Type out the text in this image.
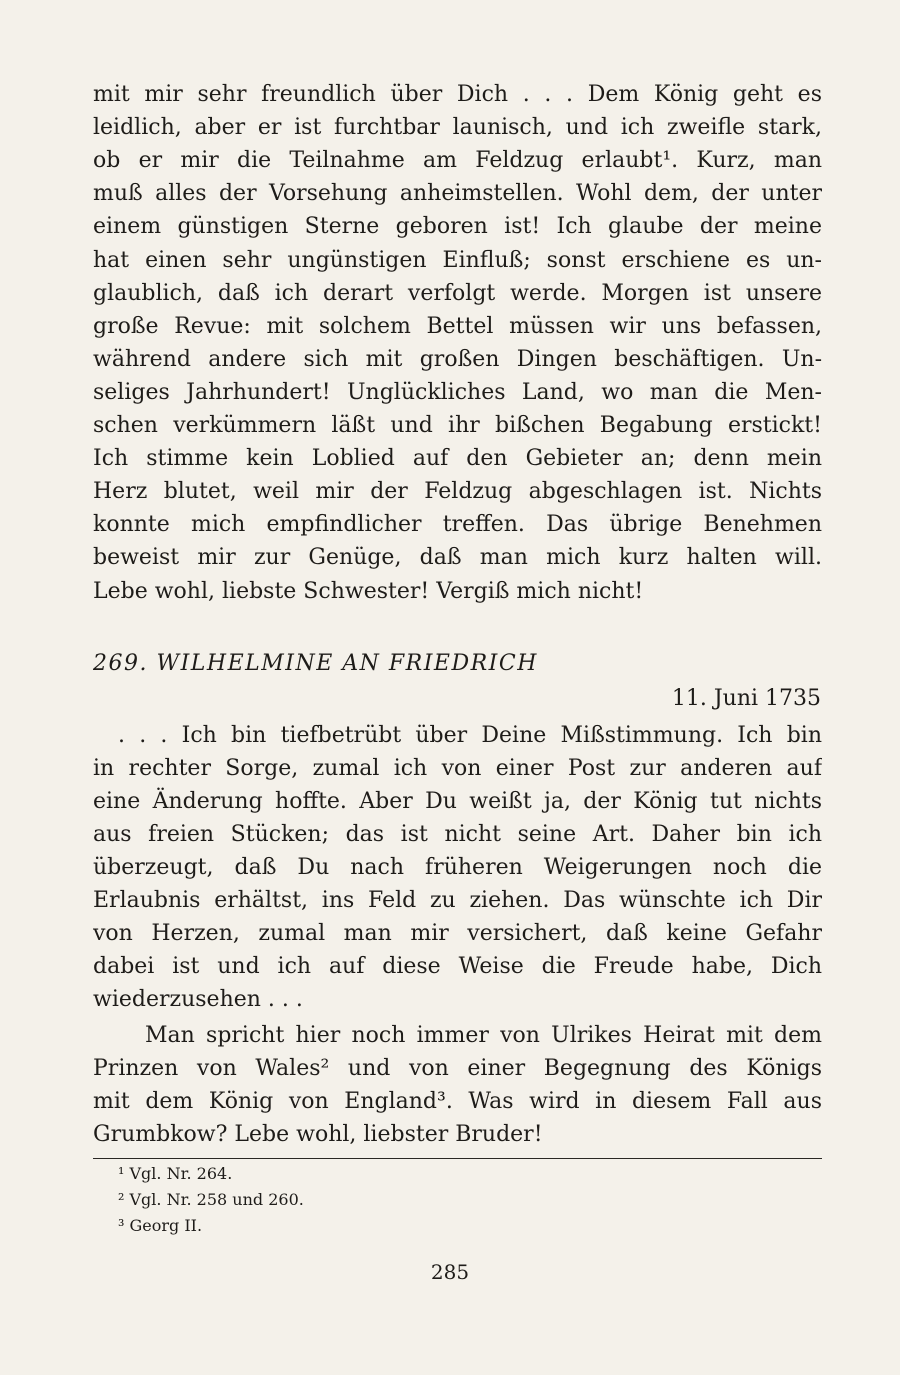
mit mir sehr freundlich über Dich . . . Dem König geht es
leidlich, aber er ist furchtbar launisch, und ich zweifle stark,
ob er mir die Teilnahme am Feldzug erlaubt¹. Kurz, man
muß alles der Vorsehung anheimstellen. Wohl dem, der unter
einem günstigen Sterne geboren ist! Ich glaube der meine
hat einen sehr ungünstigen Einfluß; sonst erschiene es un-
glaublich, daß ich derart verfolgt werde. Morgen ist unsere
große Revue: mit solchem Bettel müssen wir uns befassen,
während andere sich mit großen Dingen beschäftigen. Un-
seliges Jahrhundert! Unglückliches Land, wo man die Men-
schen verkümmern läßt und ihr bißchen Begabung erstickt!
Ich stimme kein Loblied auf den Gebieter an; denn mein
Herz blutet, weil mir der Feldzug abgeschlagen ist. Nichts
konnte mich empfindlicher treffen. Das übrige Benehmen
beweist mir zur Genüge, daß man mich kurz halten will.
Lebe wohl, liebste Schwester! Vergiß mich nicht!
269. WILHELMINE AN FRIEDRICH
11. Juni 1735
. . . Ich bin tiefbetrübt über Deine Mißstimmung. Ich bin
in rechter Sorge, zumal ich von einer Post zur anderen auf
eine Änderung hoffte. Aber Du weißt ja, der König tut nichts
aus freien Stücken; das ist nicht seine Art. Daher bin ich
überzeugt, daß Du nach früheren Weigerungen noch die
Erlaubnis erhältst, ins Feld zu ziehen. Das wünschte ich Dir
von Herzen, zumal man mir versichert, daß keine Gefahr
dabei ist und ich auf diese Weise die Freude habe, Dich
wiederzusehen . . .
Man spricht hier noch immer von Ulrikes Heirat mit dem
Prinzen von Wales² und von einer Begegnung des Königs
mit dem König von England³. Was wird in diesem Fall aus
Grumbkow? Lebe wohl, liebster Bruder!
¹ Vgl. Nr. 264.
² Vgl. Nr. 258 und 260.
³ Georg II.
285
